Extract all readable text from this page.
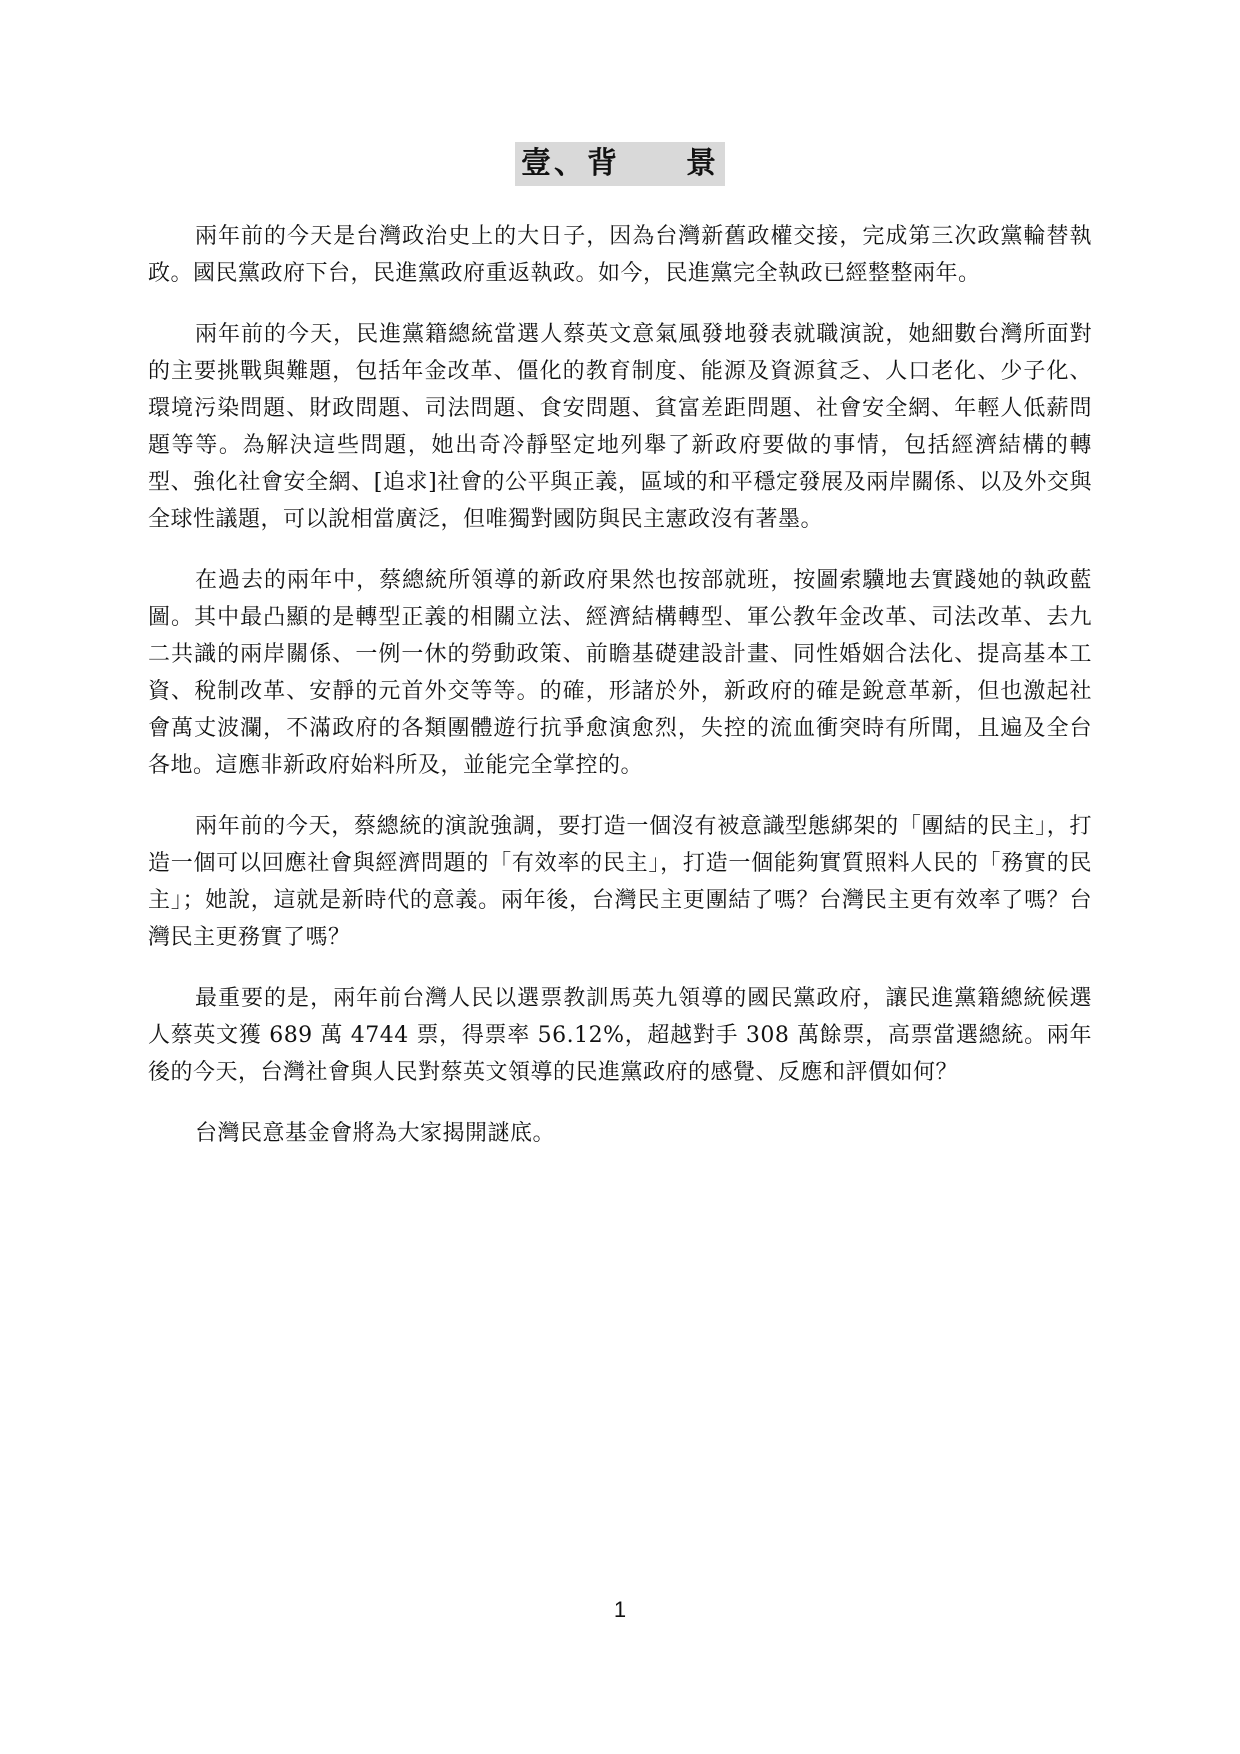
壹、背　　景

兩年前的今天是台灣政治史上的大日子，因為台灣新舊政權交接，完成第三次政黨輪替執政。國民黨政府下台，民進黨政府重返執政。如今，民進黨完全執政已經整整兩年。

兩年前的今天，民進黨籍總統當選人蔡英文意氣風發地發表就職演說，她細數台灣所面對的主要挑戰與難題，包括年金改革、僵化的教育制度、能源及資源貧乏、人口老化、少子化、環境污染問題、財政問題、司法問題、食安問題、貧富差距問題、社會安全網、年輕人低薪問題等等。為解決這些問題，她出奇冷靜堅定地列舉了新政府要做的事情，包括經濟結構的轉型、強化社會安全網、[追求]社會的公平與正義，區域的和平穩定發展及兩岸關係、以及外交與全球性議題，可以說相當廣泛，但唯獨對國防與民主憲政沒有著墨。

在過去的兩年中，蔡總統所領導的新政府果然也按部就班，按圖索驥地去實踐她的執政藍圖。其中最凸顯的是轉型正義的相關立法、經濟結構轉型、軍公教年金改革、司法改革、去九二共識的兩岸關係、一例一休的勞動政策、前瞻基礎建設計畫、同性婚姻合法化、提高基本工資、稅制改革、安靜的元首外交等等。的確，形諸於外，新政府的確是銳意革新，但也激起社會萬丈波瀾，不滿政府的各類團體遊行抗爭愈演愈烈，失控的流血衝突時有所聞，且遍及全台各地。這應非新政府始料所及，並能完全掌控的。

兩年前的今天，蔡總統的演說強調，要打造一個沒有被意識型態綁架的「團結的民主」，打造一個可以回應社會與經濟問題的「有效率的民主」，打造一個能夠實質照料人民的「務實的民主」；她說，這就是新時代的意義。兩年後，台灣民主更團結了嗎？台灣民主更有效率了嗎？台灣民主更務實了嗎？

最重要的是，兩年前台灣人民以選票教訓馬英九領導的國民黨政府，讓民進黨籍總統候選人蔡英文獲 689 萬 4744 票，得票率 56.12%，超越對手 308 萬餘票，高票當選總統。兩年後的今天，台灣社會與人民對蔡英文領導的民進黨政府的感覺、反應和評價如何？

台灣民意基金會將為大家揭開謎底。

1
